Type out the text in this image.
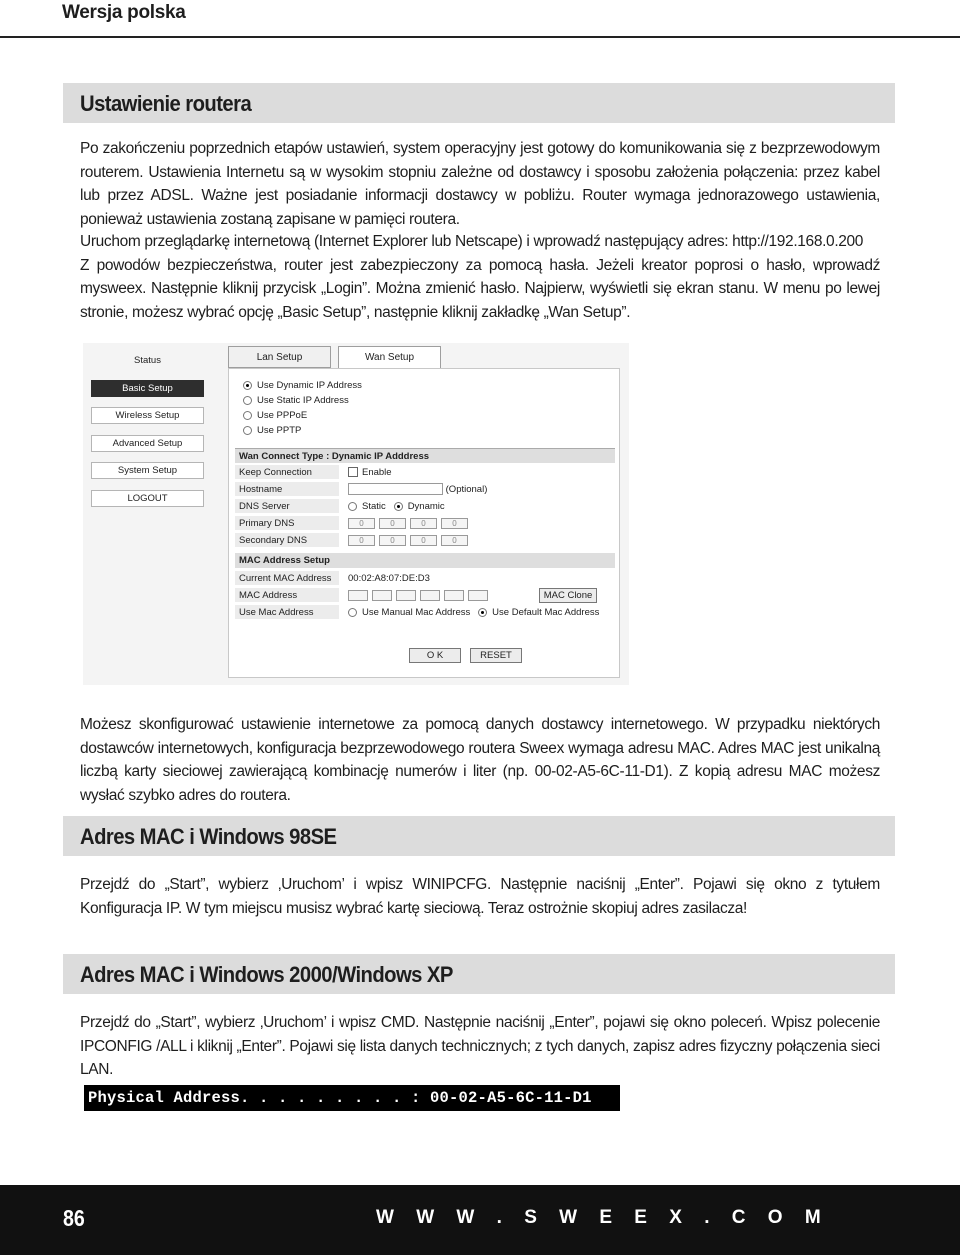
Wersja polska
Ustawienie routera

Po zakończeniu poprzednich etapów ustawień, system operacyjny jest gotowy do komunikowania się z bezprzewodowym routerem. Ustawienia Internetu są w wysokim stopniu zależne od dostawcy i sposobu założenia połączenia: przez kabel lub przez ADSL. Ważne jest posiadanie informacji dostawcy w pobliżu. Router wymaga jednorazowego ustawienia, ponieważ ustawienia zostaną zapisane w pamięci routera.

Uruchom przeglądarkę internetową (Internet Explorer lub Netscape) i wprowadź następujący adres: http://192.168.0.200

Z powodów bezpieczeństwa, router jest zabezpieczony za pomocą hasła. Jeżeli kreator poprosi o hasło, wprowadź mysweex. Następnie kliknij przycisk „Login”. Można zmienić hasło. Najpierw, wyświetli się ekran stanu. W menu po lewej stronie, możesz wybrać opcję „Basic Setup”, następnie kliknij zakładkę „Wan Setup”.

Status
Basic Setup
Wireless Setup
Advanced Setup
System Setup
LOGOUT
Lan Setup	Wan Setup
Use Dynamic IP Address
Use Static IP Address
Use PPPoE
Use PPTP
Wan Connect Type : Dynamic IP Adddress
Keep Connection	Enable
Hostname	(Optional)
DNS Server	Static Dynamic
Primary DNS	0	0	0	0
Secondary DNS	0	0	0	0
MAC Address Setup
Current MAC Address	00:02:A8:07:DE:D3
MAC Address	MAC Clone
Use Mac Address	Use Manual Mac Address Use Default Mac Address
O K	RESET

Możesz skonfigurować ustawienie internetowe za pomocą danych dostawcy internetowego. W przypadku niektórych dostawców internetowych, konfiguracja bezprzewodowego routera Sweex wymaga adresu MAC. Adres MAC jest unikalną liczbą karty sieciowej zawierającą kombinację numerów i liter (np. 00-02-A5-6C-11-D1). Z kopią adresu MAC możesz wysłać szybko adres do routera.

Adres MAC i Windows 98SE

Przejdź do „Start”, wybierz ‚Uruchom’ i wpisz WINIPCFG. Następnie naciśnij „Enter”. Pojawi się okno z tytułem Konfiguracja IP. W tym miejscu musisz wybrać kartę sieciową. Teraz ostrożnie skopiuj adres zasilacza!

Adres MAC i Windows 2000/Windows XP

Przejdź do „Start”, wybierz ‚Uruchom’ i wpisz CMD. Następnie naciśnij „Enter”, pojawi się okno poleceń. Wpisz polecenie IPCONFIG /ALL i kliknij „Enter”. Pojawi się lista danych technicznych; z tych danych, zapisz adres fizyczny połączenia sieci LAN.

Physical Address. . . . . . . . . : 00-02-A5-6C-11-D1
86	W W W . S W E E X . C O M
